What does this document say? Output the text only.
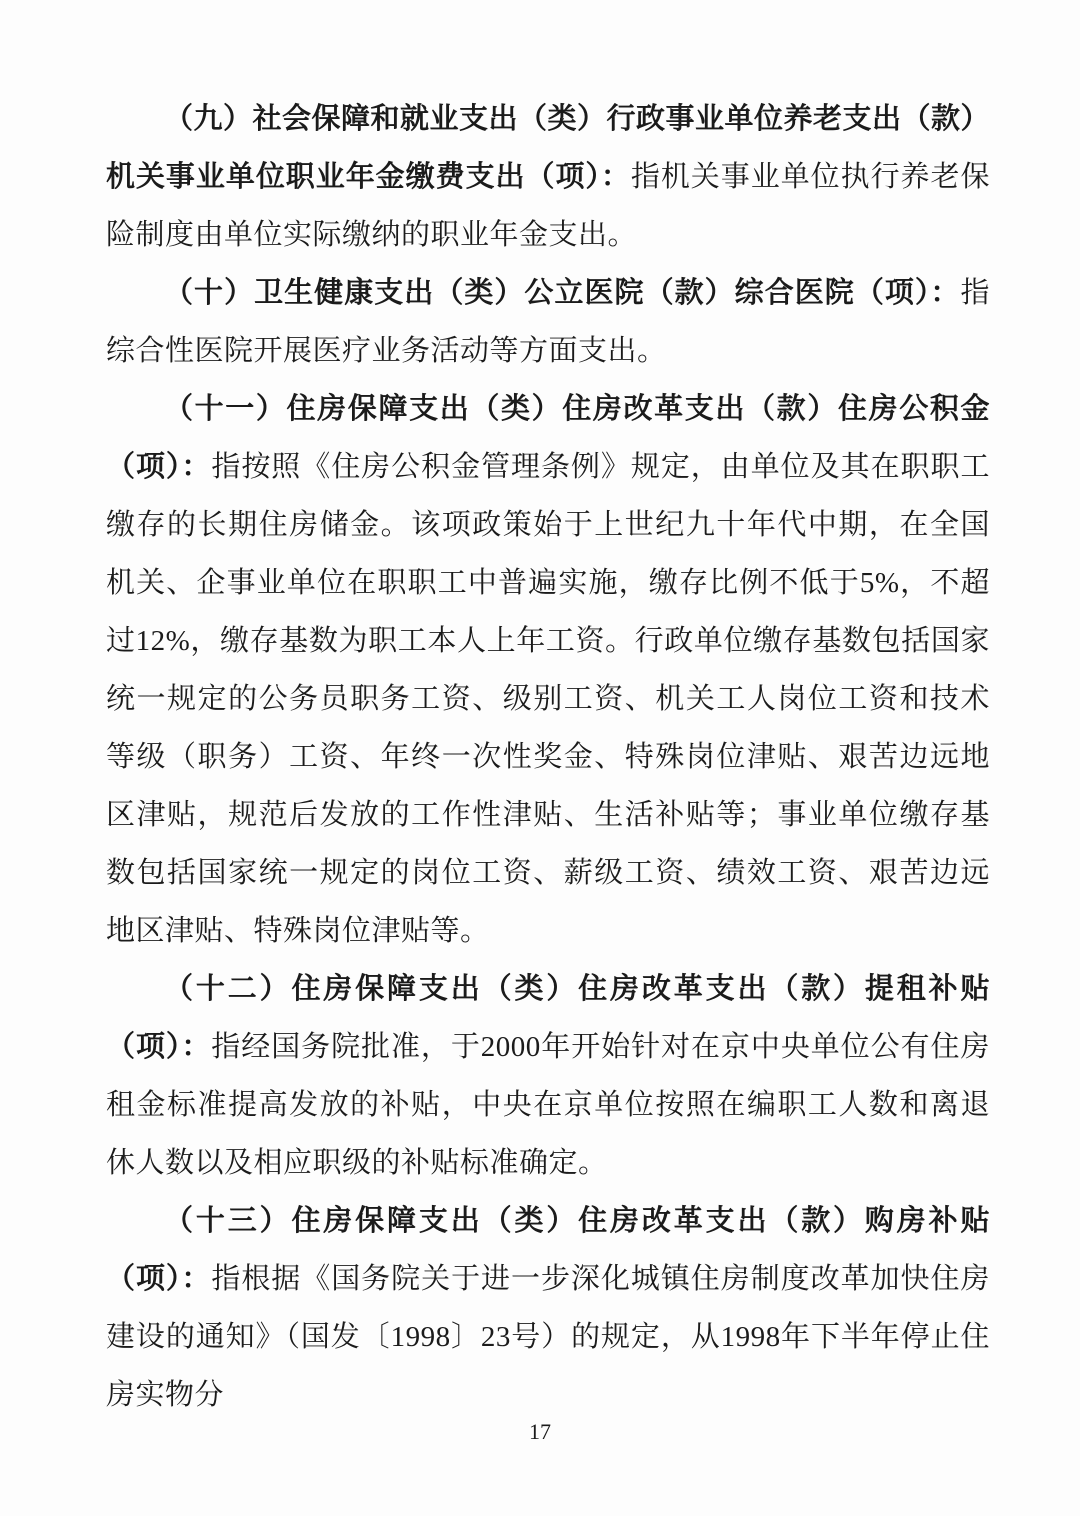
（九）社会保障和就业支出（类）行政事业单位养老支出（款）机关事业单位职业年金缴费支出（项）：指机关事业单位执行养老保险制度由单位实际缴纳的职业年金支出。

（十）卫生健康支出（类）公立医院（款）综合医院（项）：指综合性医院开展医疗业务活动等方面支出。

（十一）住房保障支出（类）住房改革支出（款）住房公积金（项）：指按照《住房公积金管理条例》规定，由单位及其在职职工缴存的长期住房储金。该项政策始于上世纪九十年代中期，在全国机关、企事业单位在职职工中普遍实施，缴存比例不低于5%，不超过12%，缴存基数为职工本人上年工资。行政单位缴存基数包括国家统一规定的公务员职务工资、级别工资、机关工人岗位工资和技术等级（职务）工资、年终一次性奖金、特殊岗位津贴、艰苦边远地区津贴，规范后发放的工作性津贴、生活补贴等；事业单位缴存基数包括国家统一规定的岗位工资、薪级工资、绩效工资、艰苦边远地区津贴、特殊岗位津贴等。

（十二）住房保障支出（类）住房改革支出（款）提租补贴（项）：指经国务院批准，于2000年开始针对在京中央单位公有住房租金标准提高发放的补贴，中央在京单位按照在编职工人数和离退休人数以及相应职级的补贴标准确定。

（十三）住房保障支出（类）住房改革支出（款）购房补贴（项）：指根据《国务院关于进一步深化城镇住房制度改革加快住房建设的通知》（国发〔1998〕23号）的规定，从1998年下半年停止住房实物分

17
